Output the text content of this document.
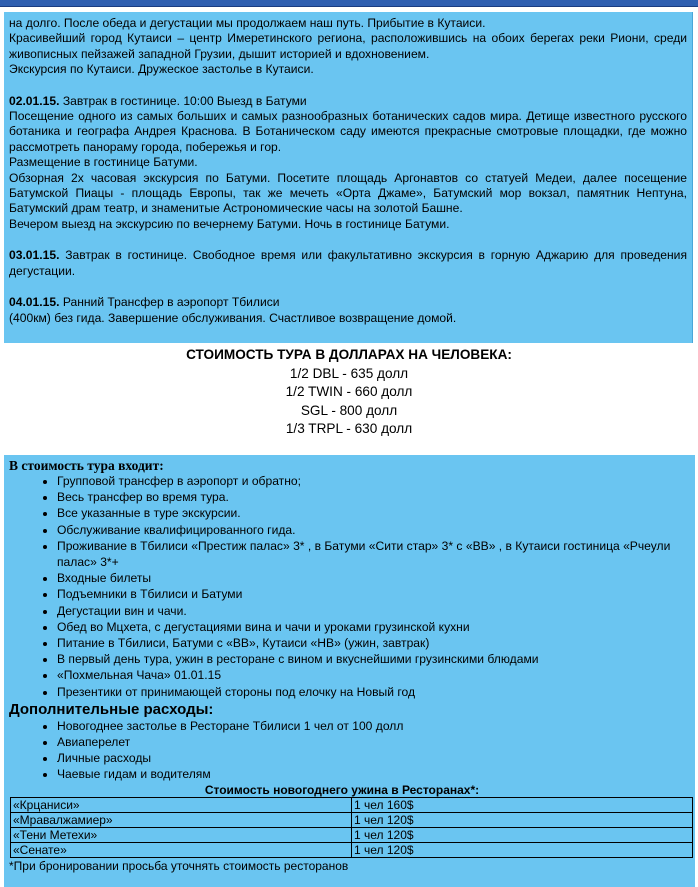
на долго. После обеда и дегустации мы продолжаем наш путь. Прибытие в Кутаиси.

Красивейший город Кутаиси – центр Имеретинского региона, расположившись на обоих берегах реки Риони, среди живописных пейзажей западной Грузии, дышит историей и вдохновением.

Экскурсия по Кутаиси. Дружеское застолье в Кутаиси.

02.01.15. Завтрак в гостинице. 10:00 Выезд в Батуми

Посещение одного из самых больших и самых разнообразных ботанических садов мира. Детище известного русского ботаника и географа Андрея Краснова. В Ботаническом саду имеются прекрасные смотровые площадки, где можно рассмотреть панораму города, побережья и гор.

Размещение в гостинице Батуми.

Обзорная 2х часовая экскурсия по Батуми. Посетите площадь Аргонавтов со статуей Медеи, далее посещение Батумской Пиацы - площадь Европы, так же мечеть «Орта Джаме», Батумский мор вокзал, памятник Нептуна, Батумский драм театр, и знаменитые Астрономические часы на золотой Башне.

Вечером выезд на экскурсию по вечернему Батуми. Ночь в гостинице Батуми.

03.01.15. Завтрак в гостинице. Свободное время или факультативно экскурсия в горную Аджарию для проведения дегустации.

04.01.15. Ранний Трансфер в аэропорт Тбилиси

(400км) без гида. Завершение обслуживания. Счастливое возвращение домой.

СТОИМОСТЬ ТУРА В ДОЛЛАРАХ НА ЧЕЛОВЕКА:
1/2 DBL - 635 долл
1/2 TWIN - 660 долл
SGL - 800 долл
1/3 TRPL - 630 долл
В стоимость тура входит:
• Групповой трансфер в аэропорт и обратно;
• Весь трансфер во время тура.
• Все указанные в туре экскурсии.
• Обслуживание квалифицированного гида.
• Проживание в Тбилиси «Престиж палас» 3* , в Батуми «Сити стар» 3* с «ВВ» , в Кутаиси гостиница «Рчеули палас» 3*+
• Входные билеты
• Подъемники в Тбилиси и Батуми
• Дегустации вин и чачи.
• Обед во Мцхета, с дегустациями вина и чачи и уроками грузинской кухни
• Питание в Тбилиси, Батуми с «ВВ», Кутаиси «НВ» (ужин, завтрак)
• В первый день тура, ужин в ресторане с вином и вкуснейшими грузинскими блюдами
• «Похмельная Чача» 01.01.15
• Презентики от принимающей стороны под елочку на Новый год
Дополнительные расходы:
• Новогоднее застолье в Ресторане Тбилиси 1 чел от 100 долл
• Авиаперелет
• Личные расходы
• Чаевые гидам и водителям
Стоимость новогоднего ужина в Ресторанах*:
«Крцаниси»	1 чел 160$
«Мравалжамиер»	1 чел 120$
«Тени Метехи»	1 чел 120$
«Сенате»	1 чел 120$
*При бронировании просьба уточнять стоимость ресторанов
